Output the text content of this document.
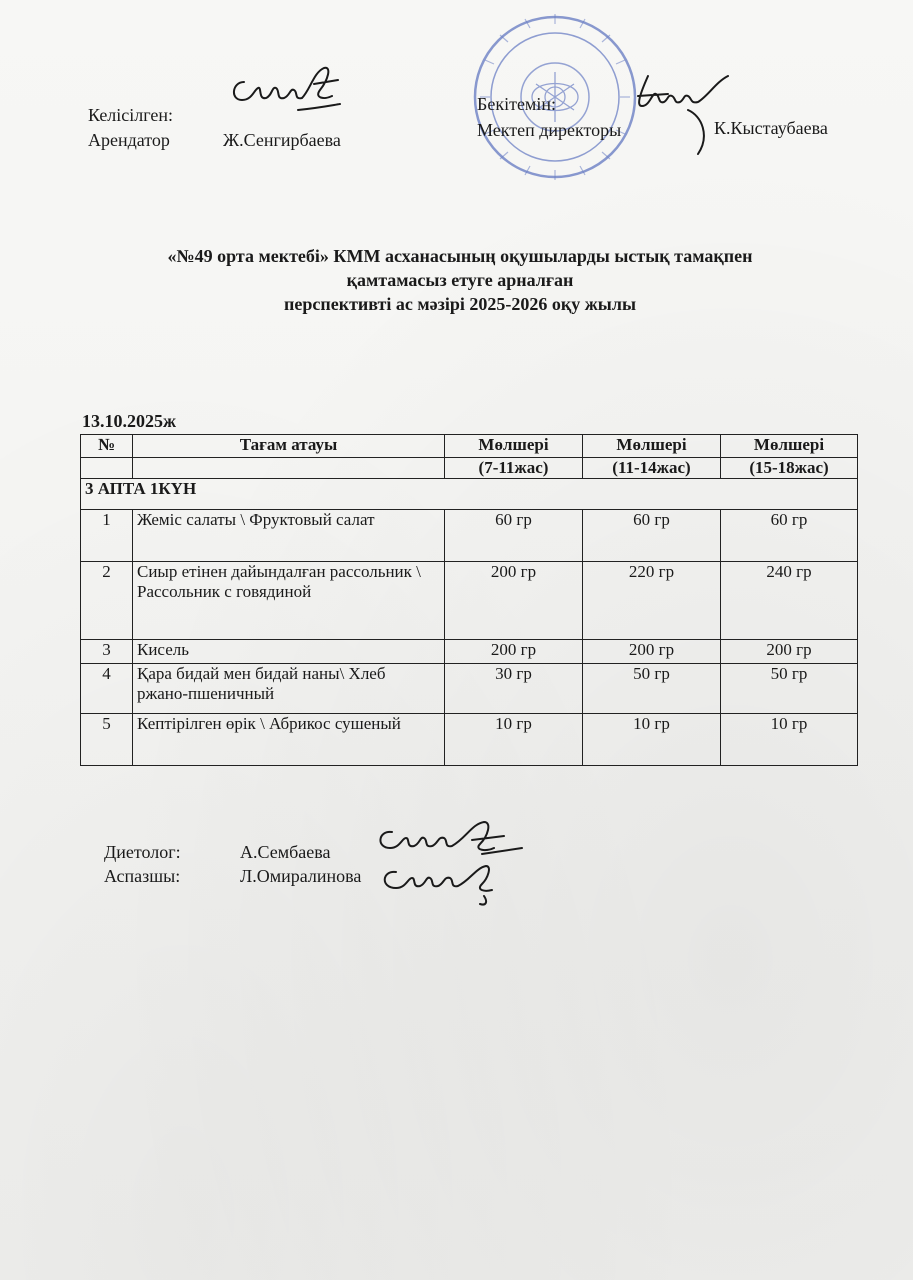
Келісілген:
Арендатор	Ж.Сенгирбаева
Бекітемін:
Мектеп директоры	К.Кыстаубаева
«№49 орта мектебі» КММ асханасының оқушыларды ыстық тамақпен
қамтамасыз етуге арналған
перспективті ас мәзірі 2025-2026 оқу жылы
13.10.2025ж
№	Тағам атауы	Мөлшері	Мөлшері	Мөлшері
		(7-11жас)	(11-14жас)	(15-18жас)
3 АПТА 1КҮН				
1	Жеміс салаты \ Фруктовый салат	60 гр	60 гр	60 гр
2	Сиыр етінен дайындалған рассольник \ Рассольник с говядиной	200 гр	220 гр	240 гр
3	Кисель	200 гр	200 гр	200 гр
4	Қара бидай мен бидай наны\ Хлеб ржано-пшеничный	30 гр	50 гр	50 гр
5	Кептірілген өрік \ Абрикос сушеный	10 гр	10 гр	10 гр
Диетолог:	А.Сембаева
Аспазшы:	Л.Омиралинова
